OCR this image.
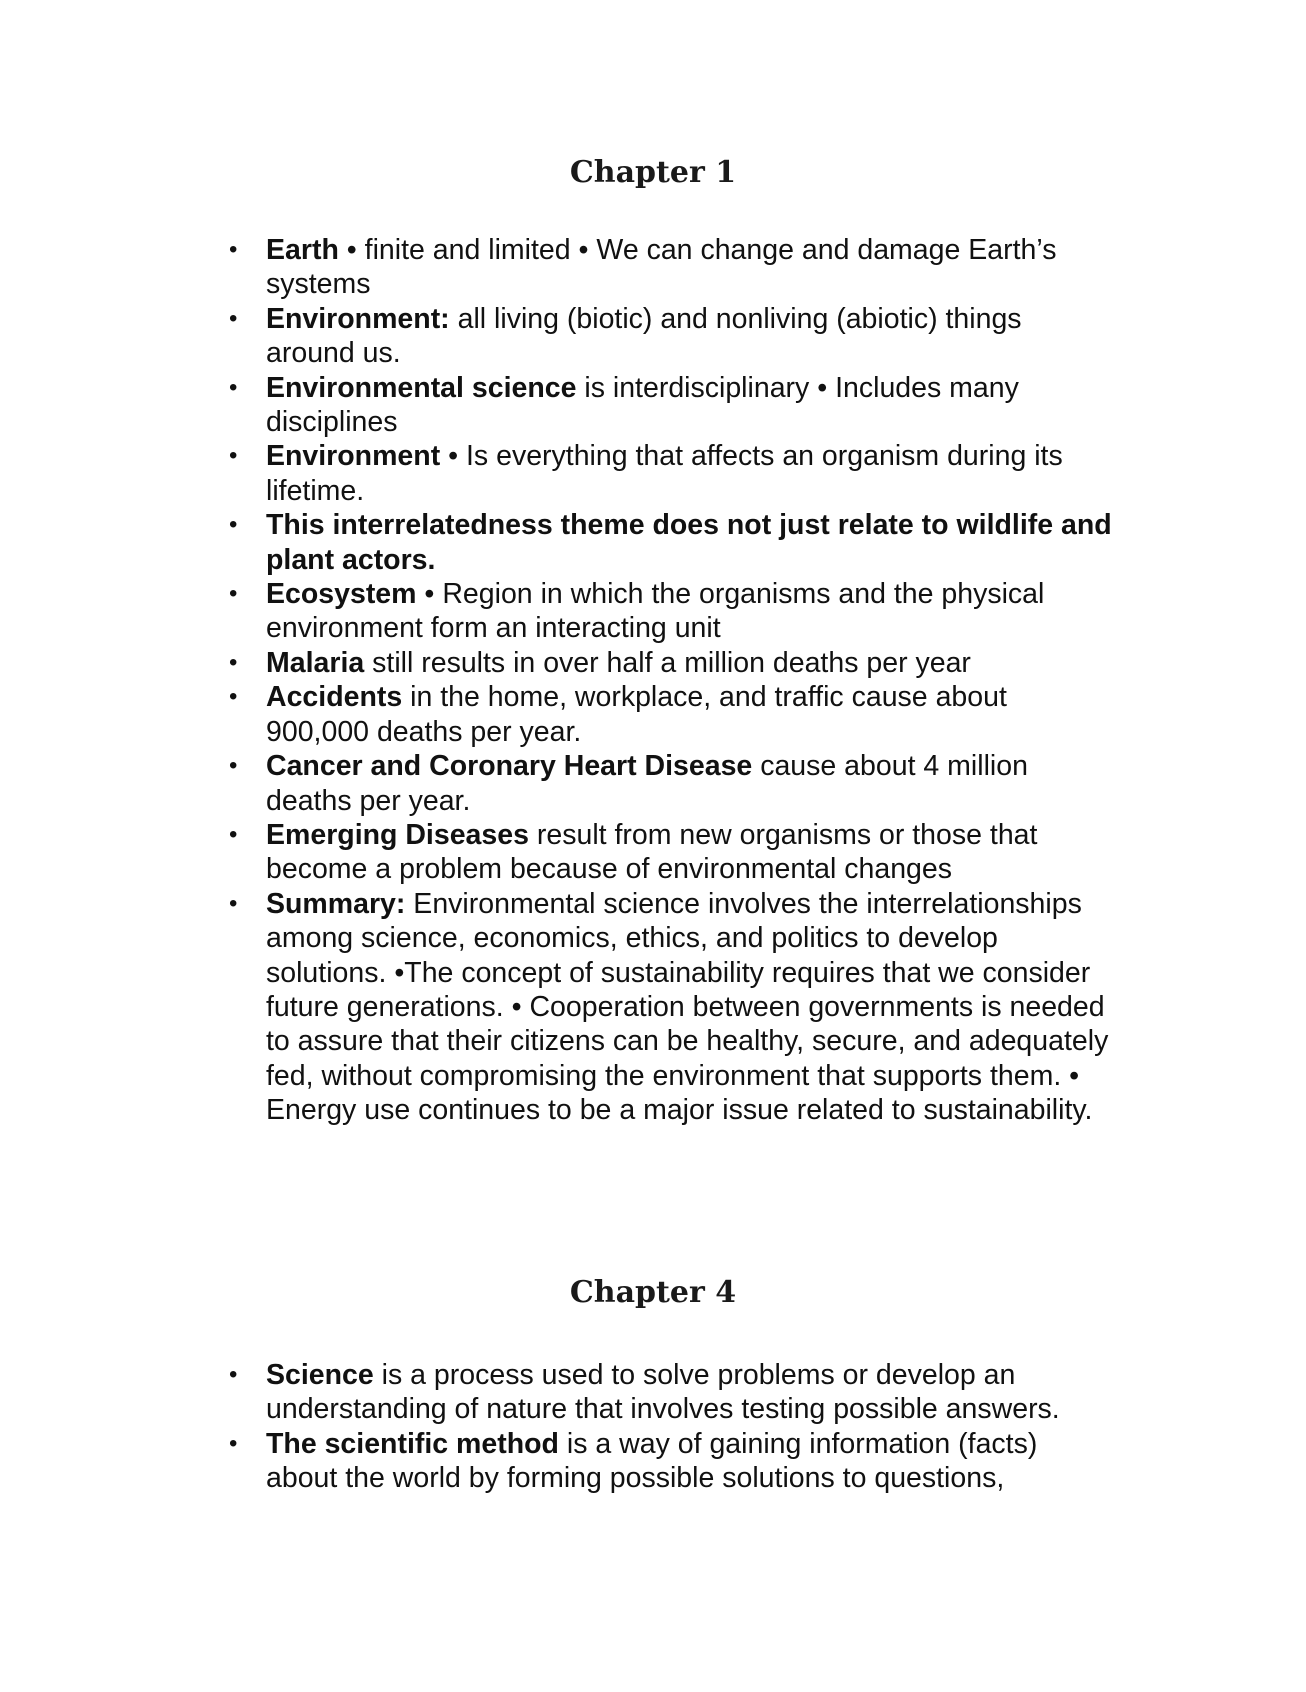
Chapter 1
• Earth • finite and limited • We can change and damage Earth’s systems
• Environment: all living (biotic) and nonliving (abiotic) things around us.
• Environmental science is interdisciplinary • Includes many disciplines
• Environment • Is everything that affects an organism during its lifetime.
• This interrelatedness theme does not just relate to wildlife and plant actors.
• Ecosystem • Region in which the organisms and the physical environment form an interacting unit
• Malaria still results in over half a million deaths per year
• Accidents in the home, workplace, and traffic cause about 900,000 deaths per year.
• Cancer and Coronary Heart Disease cause about 4 million deaths per year.
• Emerging Diseases result from new organisms or those that become a problem because of environmental changes
• Summary: Environmental science involves the interrelationships among science, economics, ethics, and politics to develop solutions. •The concept of sustainability requires that we consider future generations. • Cooperation between governments is needed to assure that their citizens can be healthy, secure, and adequately fed, without compromising the environment that supports them. • Energy use continues to be a major issue related to sustainability.
Chapter 4
• Science is a process used to solve problems or develop an understanding of nature that involves testing possible answers.
• The scientific method is a way of gaining information (facts) about the world by forming possible solutions to questions,
